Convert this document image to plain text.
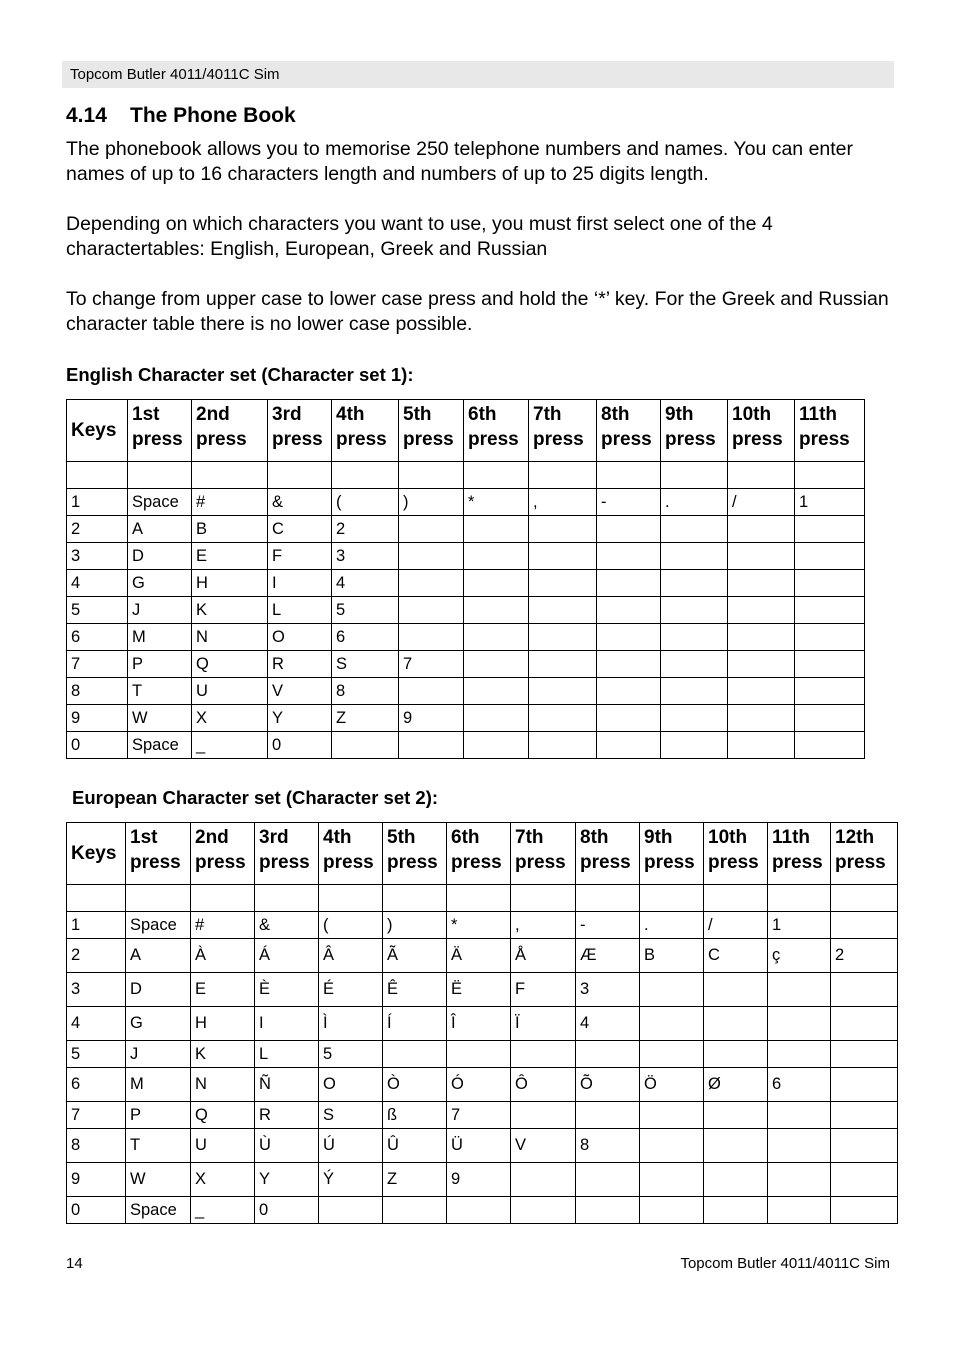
Topcom Butler 4011/4011C Sim
4.14 The Phone Book

The phonebook allows you to memorise 250 telephone numbers and names. You can enter names of up to 16 characters length and numbers of up to 25 digits length.

Depending on which characters you want to use, you must first select one of the 4 charactertables: English, European, Greek and Russian

To change from upper case to lower case press and hold the ‘*’ key. For the Greek and Russian character table there is no lower case possible.

English Character set (Character set 1):
Keys	1st press	2nd press	3rd press	4th press	5th press	6th press	7th press	8th press	9th press	10th press	11th press

1	Space	#	&	(	)	*	,	-	.	/	1
2	A	B	C	2							
3	D	E	F	3							
4	G	H	I	4							
5	J	K	L	5							
6	M	N	O	6							
7	P	Q	R	S	7						
8	T	U	V	8							
9	W	X	Y	Z	9						
0	Space	_	0								
European Character set (Character set 2):
Keys	1st press	2nd press	3rd press	4th press	5th press	6th press	7th press	8th press	9th press	10th press	11th press	12th press

1	Space	#	&	(	)	*	,	-	.	/	1	
2	A	À	Á	Â	Ã	Ä	Å	Æ	B	C	ç	2
3	D	E	È	É	Ê	Ë	F	3				
4	G	H	I	Ì	Í	Î	Ï	4				
5	J	K	L	5								
6	M	N	Ñ	O	Ò	Ó	Ô	Õ	Ö	Ø	6	
7	P	Q	R	S	ß	7						
8	T	U	Ù	Ú	Û	Ü	V	8				
9	W	X	Y	Ý	Z	9						
0	Space	_	0									
14	Topcom Butler 4011/4011C Sim
